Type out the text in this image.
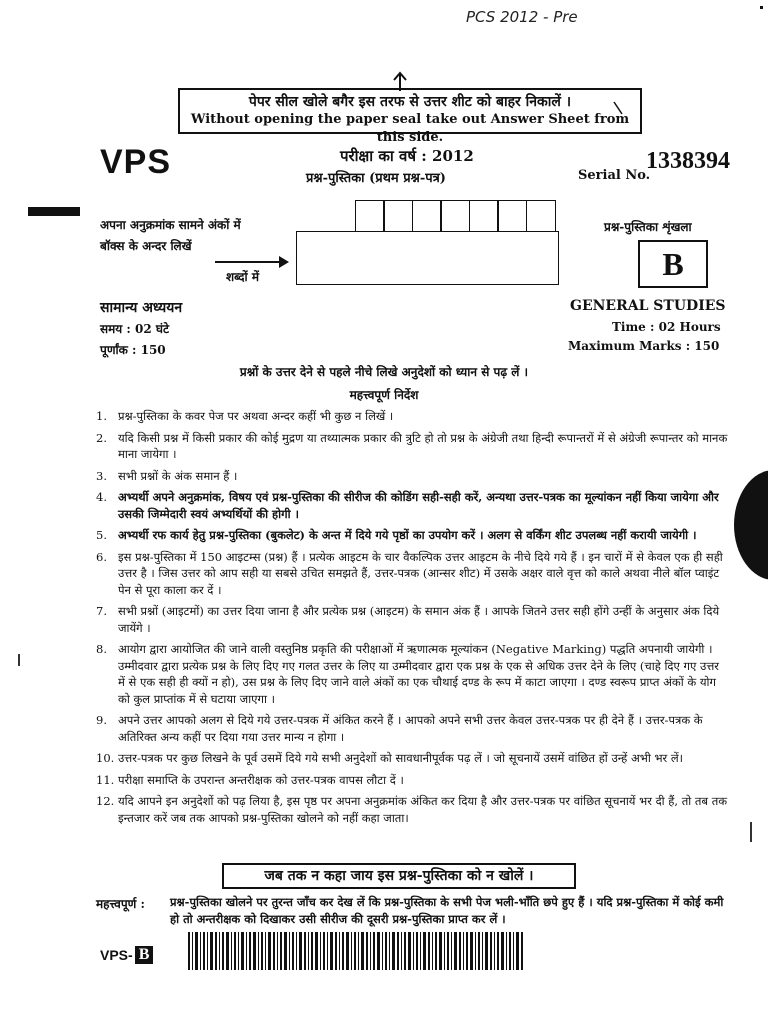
PCS 2012 - Pre
पेपर सील खोले बगैर इस तरफ से उत्तर शीट को बाहर निकालें ।
Without opening the paper seal take out Answer Sheet from this side.
VPS	परीक्षा का वर्ष : 2012
प्रश्न-पुस्तिका (प्रथम प्रश्न-पत्र)	Serial No.
1338394
अपना अनुक्रमांक सामने अंकों में
बॉक्स के अन्दर लिखें
शब्दों में
प्रश्न-पुस्तिका शृंखला
B
सामान्य अध्ययन	GENERAL STUDIES
समय : 02 घंटे
पूर्णांक : 150
Time : 02 Hours
Maximum Marks : 150
प्रश्नों के उत्तर देने से पहले नीचे लिखे अनुदेशों को ध्यान से पढ़ लें ।
महत्त्वपूर्ण निर्देश
1. प्रश्न-पुस्तिका के कवर पेज पर अथवा अन्दर कहीं भी कुछ न लिखें ।
2. यदि किसी प्रश्न में किसी प्रकार की कोई मुद्रण या तथ्यात्मक प्रकार की त्रुटि हो तो प्रश्न के अंग्रेजी तथा हिन्दी रूपान्तरों में से अंग्रेजी रूपान्तर को मानक माना जायेगा ।
3. सभी प्रश्नों के अंक समान हैं ।
4. अभ्यर्थी अपने अनुक्रमांक, विषय एवं प्रश्न-पुस्तिका की सीरीज की कोडिंग सही-सही करें, अन्यथा उत्तर-पत्रक का मूल्यांकन नहीं किया जायेगा और उसकी जिम्मेदारी स्वयं अभ्यर्थियों की होगी ।
5. अभ्यर्थी रफ कार्य हेतु प्रश्न-पुस्तिका (बुकलेट) के अन्त में दिये गये पृष्ठों का उपयोग करें । अलग से वर्किंग शीट उपलब्ध नहीं करायी जायेगी ।
6. इस प्रश्न-पुस्तिका में 150 आइटम्स (प्रश्न) हैं । प्रत्येक आइटम के चार वैकल्पिक उत्तर आइटम के नीचे दिये गये हैं । इन चारों में से केवल एक ही सही उत्तर है । जिस उत्तर को आप सही या सबसे उचित समझते हैं, उत्तर-पत्रक (आन्सर शीट) में उसके अक्षर वाले वृत्त को काले अथवा नीले बॉल प्वाइंट पेन से पूरा काला कर दें ।
7. सभी प्रश्नों (आइटमों) का उत्तर दिया जाना है और प्रत्येक प्रश्न (आइटम) के समान अंक हैं । आपके जितने उत्तर सही होंगे उन्हीं के अनुसार अंक दिये जायेंगे ।
8. आयोग द्वारा आयोजित की जाने वाली वस्तुनिष्ठ प्रकृति की परीक्षाओं में ऋणात्मक मूल्यांकन (Negative Marking) पद्धति अपनायी जायेगी । उम्मीदवार द्वारा प्रत्येक प्रश्न के लिए दिए गए गलत उत्तर के लिए या उम्मीदवार द्वारा एक प्रश्न के एक से अधिक उत्तर देने के लिए (चाहे दिए गए उत्तर में से एक सही ही क्यों न हो), उस प्रश्न के लिए दिए जाने वाले अंकों का एक चौथाई दण्ड के रूप में काटा जाएगा । दण्ड स्वरूप प्राप्त अंकों के योग को कुल प्राप्तांक में से घटाया जाएगा ।
9. अपने उत्तर आपको अलग से दिये गये उत्तर-पत्रक में अंकित करने हैं । आपको अपने सभी उत्तर केवल उत्तर-पत्रक पर ही देने हैं । उत्तर-पत्रक के अतिरिक्त अन्य कहीं पर दिया गया उत्तर मान्य न होगा ।
10. उत्तर-पत्रक पर कुछ लिखने के पूर्व उसमें दिये गये सभी अनुदेशों को सावधानीपूर्वक पढ़ लें । जो सूचनायें उसमें वांछित हों उन्हें अभी भर लें।
11. परीक्षा समाप्ति के उपरान्त अन्तरीक्षक को उत्तर-पत्रक वापस लौटा दें ।
12. यदि आपने इन अनुदेशों को पढ़ लिया है, इस पृष्ठ पर अपना अनुक्रमांक अंकित कर दिया है और उत्तर-पत्रक पर वांछित सूचनायें भर दी हैं, तो तब तक इन्तजार करें जब तक आपको प्रश्न-पुस्तिका खोलने को नहीं कहा जाता।
जब तक न कहा जाय इस प्रश्न-पुस्तिका को न खोलें ।
महत्त्वपूर्ण : प्रश्न-पुस्तिका खोलने पर तुरन्त जाँच कर देख लें कि प्रश्न-पुस्तिका के सभी पेज भली-भाँति छपे हुए हैं । यदि प्रश्न-पुस्तिका में कोई कमी हो तो अन्तरीक्षक को दिखाकर उसी सीरीज की दूसरी प्रश्न-पुस्तिका प्राप्त कर लें ।
VPS- B
